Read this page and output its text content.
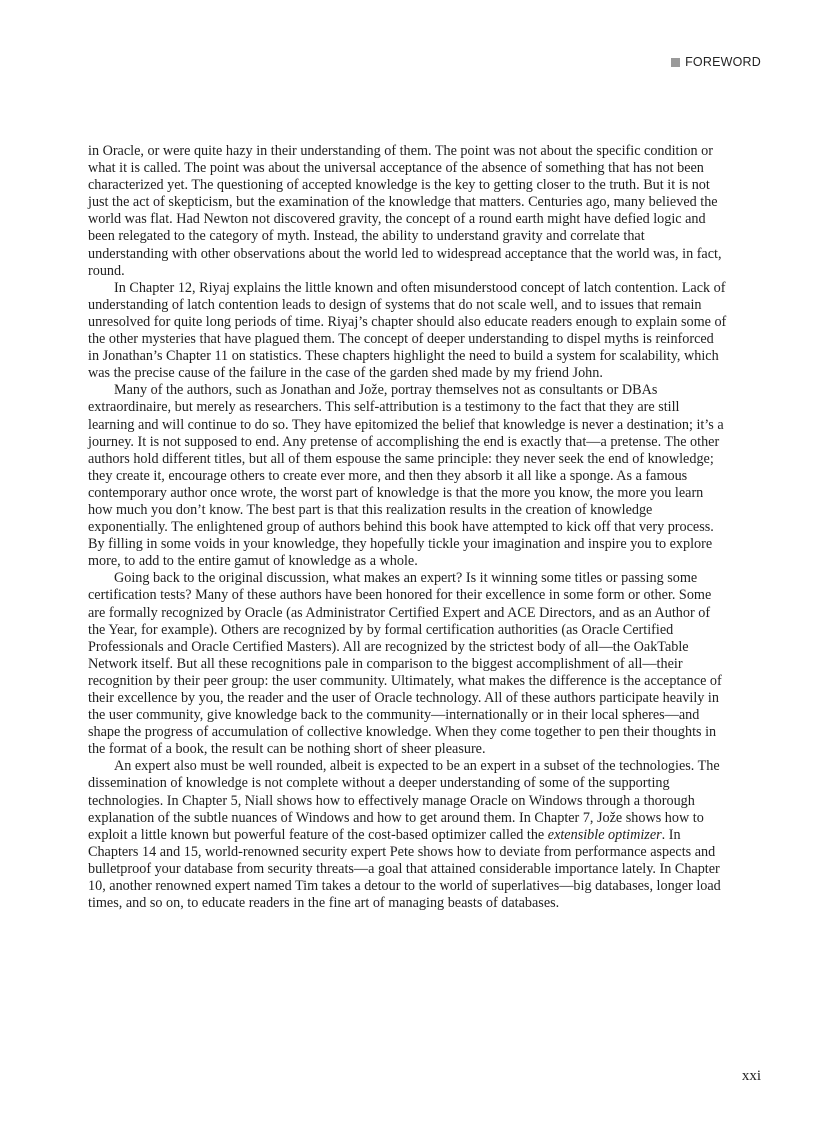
FOREWORD

in Oracle, or were quite hazy in their understanding of them. The point was not about the specific condition or what it is called. The point was about the universal acceptance of the absence of something that has not been characterized yet. The questioning of accepted knowledge is the key to getting closer to the truth. But it is not just the act of skepticism, but the examination of the knowledge that matters. Centuries ago, many believed the world was flat. Had Newton not discovered gravity, the concept of a round earth might have defied logic and been relegated to the category of myth. Instead, the ability to understand gravity and correlate that understanding with other observations about the world led to widespread acceptance that the world was, in fact, round.

In Chapter 12, Riyaj explains the little known and often misunderstood concept of latch contention. Lack of understanding of latch contention leads to design of systems that do not scale well, and to issues that remain unresolved for quite long periods of time. Riyaj’s chapter should also educate readers enough to explain some of the other mysteries that have plagued them. The concept of deeper understanding to dispel myths is reinforced in Jonathan’s Chapter 11 on statistics. These chapters highlight the need to build a system for scalability, which was the precise cause of the failure in the case of the garden shed made by my friend John.

Many of the authors, such as Jonathan and Jože, portray themselves not as consultants or DBAs extraordinaire, but merely as researchers. This self-attribution is a testimony to the fact that they are still learning and will continue to do so. They have epitomized the belief that knowledge is never a destination; it’s a journey. It is not supposed to end. Any pretense of accomplishing the end is exactly that—a pretense. The other authors hold different titles, but all of them espouse the same principle: they never seek the end of knowledge; they create it, encourage others to create ever more, and then they absorb it all like a sponge. As a famous contemporary author once wrote, the worst part of knowledge is that the more you know, the more you learn how much you don’t know. The best part is that this realization results in the creation of knowledge exponentially. The enlightened group of authors behind this book have attempted to kick off that very process. By filling in some voids in your knowledge, they hopefully tickle your imagination and inspire you to explore more, to add to the entire gamut of knowledge as a whole.

Going back to the original discussion, what makes an expert? Is it winning some titles or passing some certification tests? Many of these authors have been honored for their excellence in some form or other. Some are formally recognized by Oracle (as Administrator Certified Expert and ACE Directors, and as an Author of the Year, for example). Others are recognized by by formal certification authorities (as Oracle Certified Professionals and Oracle Certified Masters). All are recognized by the strictest body of all—the OakTable Network itself. But all these recognitions pale in comparison to the biggest accomplishment of all—their recognition by their peer group: the user community. Ultimately, what makes the difference is the acceptance of their excellence by you, the reader and the user of Oracle technology. All of these authors participate heavily in the user community, give knowledge back to the community—internationally or in their local spheres—and shape the progress of accumulation of collective knowledge. When they come together to pen their thoughts in the format of a book, the result can be nothing short of sheer pleasure.

An expert also must be well rounded, albeit is expected to be an expert in a subset of the technologies. The dissemination of knowledge is not complete without a deeper understanding of some of the supporting technologies. In Chapter 5, Niall shows how to effectively manage Oracle on Windows through a thorough explanation of the subtle nuances of Windows and how to get around them. In Chapter 7, Jože shows how to exploit a little known but powerful feature of the cost-based optimizer called the extensible optimizer. In Chapters 14 and 15, world-renowned security expert Pete shows how to deviate from performance aspects and bulletproof your database from security threats—a goal that attained considerable importance lately. In Chapter 10, another renowned expert named Tim takes a detour to the world of superlatives—big databases, longer load times, and so on, to educate readers in the fine art of managing beasts of databases.

xxi
